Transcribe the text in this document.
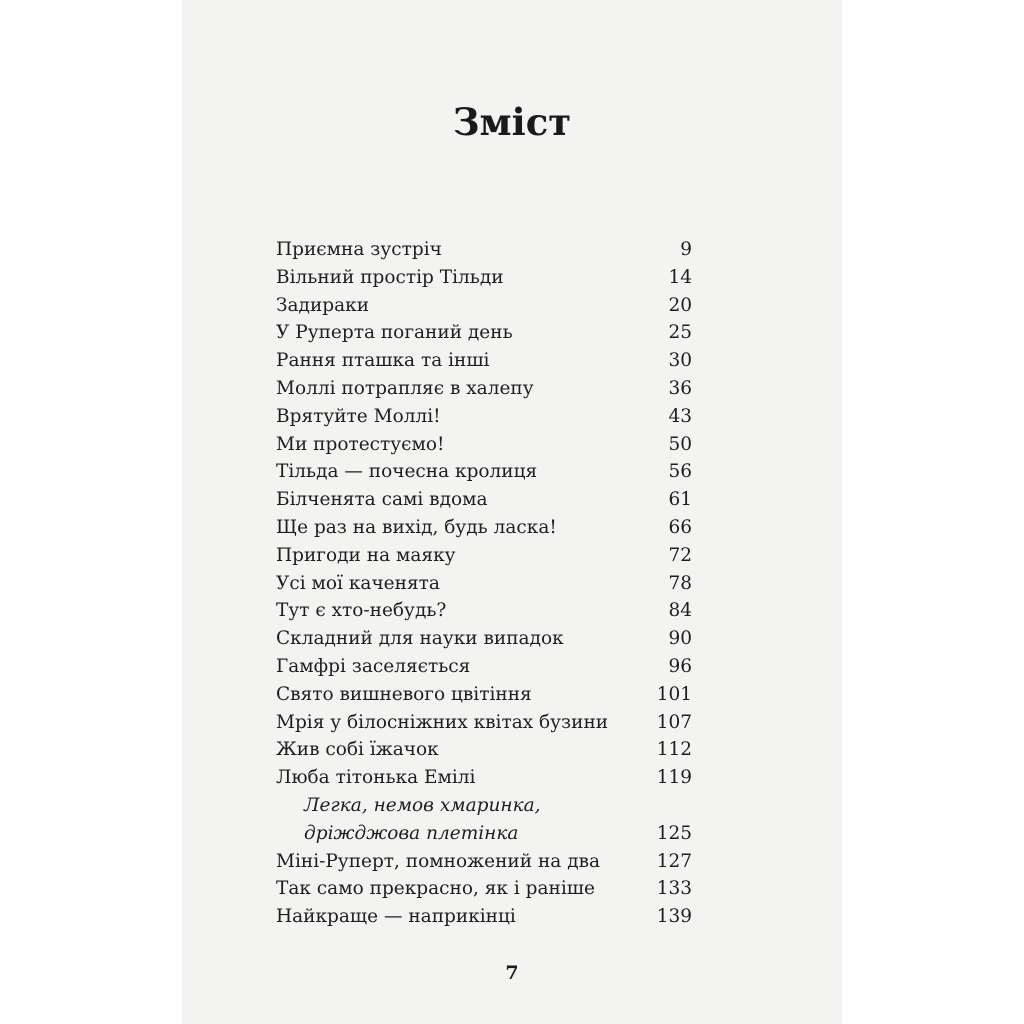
Зміст
Приємна зустріч	9
Вільний простір Тільди	14
Задираки	20
У Руперта поганий день	25
Рання пташка та інші	30
Моллі потрапляє в халепу	36
Врятуйте Моллі!	43
Ми протестуємо!	50
Тільда — почесна кролиця	56
Білченята самі вдома	61
Ще раз на вихід, будь ласка!	66
Пригоди на маяку	72
Усі мої каченята	78
Тут є хто-небудь?	84
Складний для науки випадок	90
Гамфрі заселяється	96
Свято вишневого цвітіння	101
Мрія у білосніжних квітах бузини	107
Жив собі їжачок	112
Люба тітонька Емілі	119
Легка, немов хмаринка,
дріжджова плетінка	125
Міні-Руперт, помножений на два	127
Так само прекрасно, як і раніше	133
Найкраще — наприкінці	139
7
